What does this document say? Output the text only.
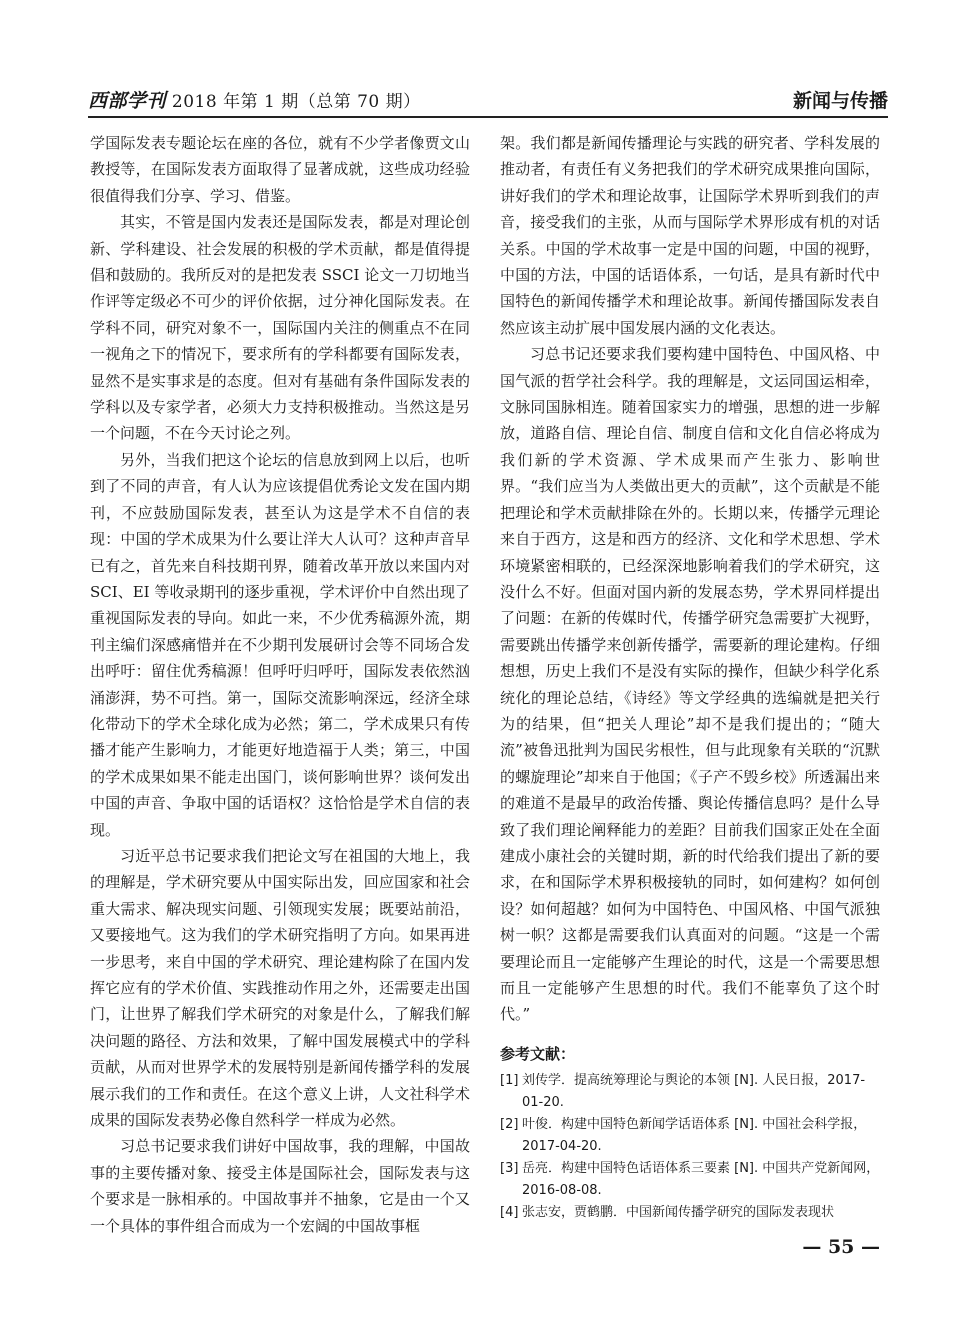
西部学刊 2018 年第 1 期（总第 70 期）	新闻与传播

学国际发表专题论坛在座的各位，就有不少学者像贾文山教授等，在国际发表方面取得了显著成就，这些成功经验很值得我们分享、学习、借鉴。

其实，不管是国内发表还是国际发表，都是对理论创新、学科建设、社会发展的积极的学术贡献，都是值得提倡和鼓励的。我所反对的是把发表 SSCI 论文一刀切地当作评等定级必不可少的评价依据，过分神化国际发表。在学科不同，研究对象不一，国际国内关注的侧重点不在同一视角之下的情况下，要求所有的学科都要有国际发表，显然不是实事求是的态度。但对有基础有条件国际发表的学科以及专家学者，必须大力支持积极推动。当然这是另一个问题，不在今天讨论之列。

另外，当我们把这个论坛的信息放到网上以后，也听到了不同的声音，有人认为应该提倡优秀论文发在国内期刊，不应鼓励国际发表，甚至认为这是学术不自信的表现：中国的学术成果为什么要让洋大人认可？这种声音早已有之，首先来自科技期刊界，随着改革开放以来国内对 SCI、EI 等收录期刊的逐步重视，学术评价中自然出现了重视国际发表的导向。如此一来，不少优秀稿源外流，期刊主编们深感痛惜并在不少期刊发展研讨会等不同场合发出呼吁：留住优秀稿源！但呼吁归呼吁，国际发表依然汹涌澎湃，势不可挡。第一，国际交流影响深远，经济全球化带动下的学术全球化成为必然；第二，学术成果只有传播才能产生影响力，才能更好地造福于人类；第三，中国的学术成果如果不能走出国门，谈何影响世界？谈何发出中国的声音、争取中国的话语权？这恰恰是学术自信的表现。

习近平总书记要求我们把论文写在祖国的大地上，我的理解是，学术研究要从中国实际出发，回应国家和社会重大需求、解决现实问题、引领现实发展；既要站前沿，又要接地气。这为我们的学术研究指明了方向。如果再进一步思考，来自中国的学术研究、理论建构除了在国内发挥它应有的学术价值、实践推动作用之外，还需要走出国门，让世界了解我们学术研究的对象是什么，了解我们解决问题的路径、方法和效果，了解中国发展模式中的学科贡献，从而对世界学术的发展特别是新闻传播学科的发展展示我们的工作和责任。在这个意义上讲，人文社科学术成果的国际发表势必像自然科学一样成为必然。

习总书记要求我们讲好中国故事，我的理解，中国故事的主要传播对象、接受主体是国际社会，国际发表与这个要求是一脉相承的。中国故事并不抽象，它是由一个又一个具体的事件组合而成为一个宏阔的中国故事框

架。我们都是新闻传播理论与实践的研究者、学科发展的推动者，有责任有义务把我们的学术研究成果推向国际，讲好我们的学术和理论故事，让国际学术界听到我们的声音，接受我们的主张，从而与国际学术界形成有机的对话关系。中国的学术故事一定是中国的问题，中国的视野，中国的方法，中国的话语体系，一句话，是具有新时代中国特色的新闻传播学术和理论故事。新闻传播国际发表自然应该主动扩展中国发展内涵的文化表达。

习总书记还要求我们要构建中国特色、中国风格、中国气派的哲学社会科学。我的理解是，文运同国运相牵，文脉同国脉相连。随着国家实力的增强，思想的进一步解放，道路自信、理论自信、制度自信和文化自信必将成为我们新的学术资源、学术成果而产生张力、影响世界。“我们应当为人类做出更大的贡献”，这个贡献是不能把理论和学术贡献排除在外的。长期以来，传播学元理论来自于西方，这是和西方的经济、文化和学术思想、学术环境紧密相联的，已经深深地影响着我们的学术研究，这没什么不好。但面对国内新的发展态势，学术界同样提出了问题：在新的传媒时代，传播学研究急需要扩大视野，需要跳出传播学来创新传播学，需要新的理论建构。仔细想想，历史上我们不是没有实际的操作，但缺少科学化系统化的理论总结，《诗经》等文学经典的选编就是把关行为的结果，但“把关人理论”却不是我们提出的；“随大流”被鲁迅批判为国民劣根性，但与此现象有关联的“沉默的螺旋理论”却来自于他国；《子产不毁乡校》所透漏出来的难道不是最早的政治传播、舆论传播信息吗？是什么导致了我们理论阐释能力的差距？目前我们国家正处在全面建成小康社会的关键时期，新的时代给我们提出了新的要求，在和国际学术界积极接轨的同时，如何建构？如何创设？如何超越？如何为中国特色、中国风格、中国气派独树一帜？这都是需要我们认真面对的问题。“这是一个需要理论而且一定能够产生理论的时代，这是一个需要思想而且一定能够产生思想的时代。我们不能辜负了这个时代。”

参考文献：
[1] 刘传学．提高统筹理论与舆论的本领 [N]. 人民日报，2017-01-20.
[2] 叶俊．构建中国特色新闻学话语体系 [N]. 中国社会科学报，2017-04-20.
[3] 岳亮．构建中国特色话语体系三要素 [N]. 中国共产党新闻网，2016-08-08.
[4] 张志安，贾鹤鹏．中国新闻传播学研究的国际发表现状
— 55 —
